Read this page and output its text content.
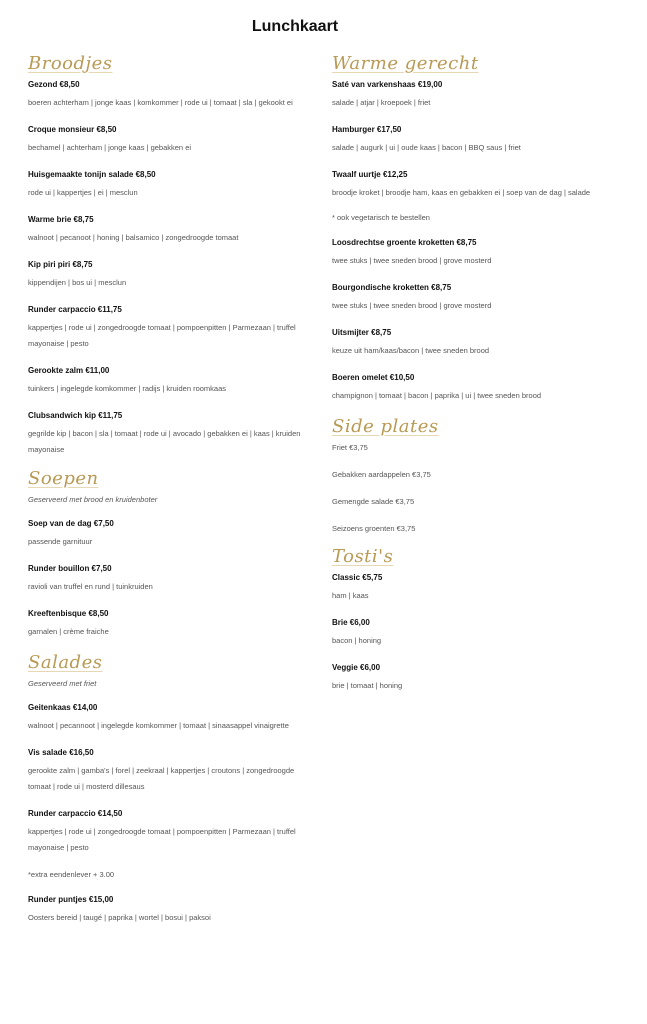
Lunchkaart
Broodjes

Gezond €8,50

boeren achterham | jonge kaas | komkommer | rode ui | tomaat | sla | gekookt ei

Croque monsieur €8,50

bechamel | achterham | jonge kaas | gebakken ei

Huisgemaakte tonijn salade €8,50

rode ui | kappertjes | ei | mesclun

Warme brie €8,75

walnoot | pecanoot | honing | balsamico | zongedroogde tomaat

Kip piri piri €8,75

kippendijen | bos ui | mesclun

Runder carpaccio €11,75

kappertjes | rode ui | zongedroogde tomaat | pompoenpitten | Parmezaan | truffel mayonaise | pesto

Gerookte zalm €11,00

tuinkers | ingelegde komkommer | radijs | kruiden roomkaas

Clubsandwich kip €11,75

gegrilde kip | bacon | sla | tomaat | rode ui | avocado | gebakken ei | kaas | kruiden mayonaise

Soepen

Geserveerd met brood en kruidenboter

Soep van de dag €7,50

passende garnituur

Runder bouillon €7,50

ravioli van truffel en rund | tuinkruiden

Kreeftenbisque €8,50

garnalen | crème fraiche

Salades

Geserveerd met friet

Geitenkaas €14,00

walnoot | pecannoot | ingelegde komkommer | tomaat | sinaasappel vinaigrette

Vis salade €16,50

gerookte zalm | gamba's | forel | zeekraal | kappertjes | croutons | zongedroogde tomaat | rode ui | mosterd dillesaus

Runder carpaccio €14,50

kappertjes | rode ui | zongedroogde tomaat | pompoenpitten | Parmezaan | truffel mayonaise | pesto

*extra eendenlever + 3.00

Runder puntjes €15,00

Oosters bereid | taugé | paprika | wortel | bosui | paksoi

Warme gerecht

Saté van varkenshaas €19,00

salade | atjar | kroepoek | friet

Hamburger €17,50

salade | augurk | ui | oude kaas | bacon | BBQ saus | friet

Twaalf uurtje €12,25

broodje kroket | broodje ham, kaas en gebakken ei | soep van de dag | salade

* ook vegetarisch te bestellen

Loosdrechtse groente kroketten €8,75

twee stuks | twee sneden brood | grove mosterd

Bourgondische kroketten €8,75

twee stuks | twee sneden brood | grove mosterd

Uitsmijter €8,75

keuze uit ham/kaas/bacon | twee sneden brood

Boeren omelet €10,50

champignon | tomaat | bacon | paprika | ui | twee sneden brood

Side plates

Friet €3,75

Gebakken aardappelen €3,75

Gemengde salade €3,75

Seizoens groenten €3,75

Tosti's

Classic €5,75

ham | kaas

Brie €6,00

bacon | honing

Veggie €6,00

brie | tomaat | honing
